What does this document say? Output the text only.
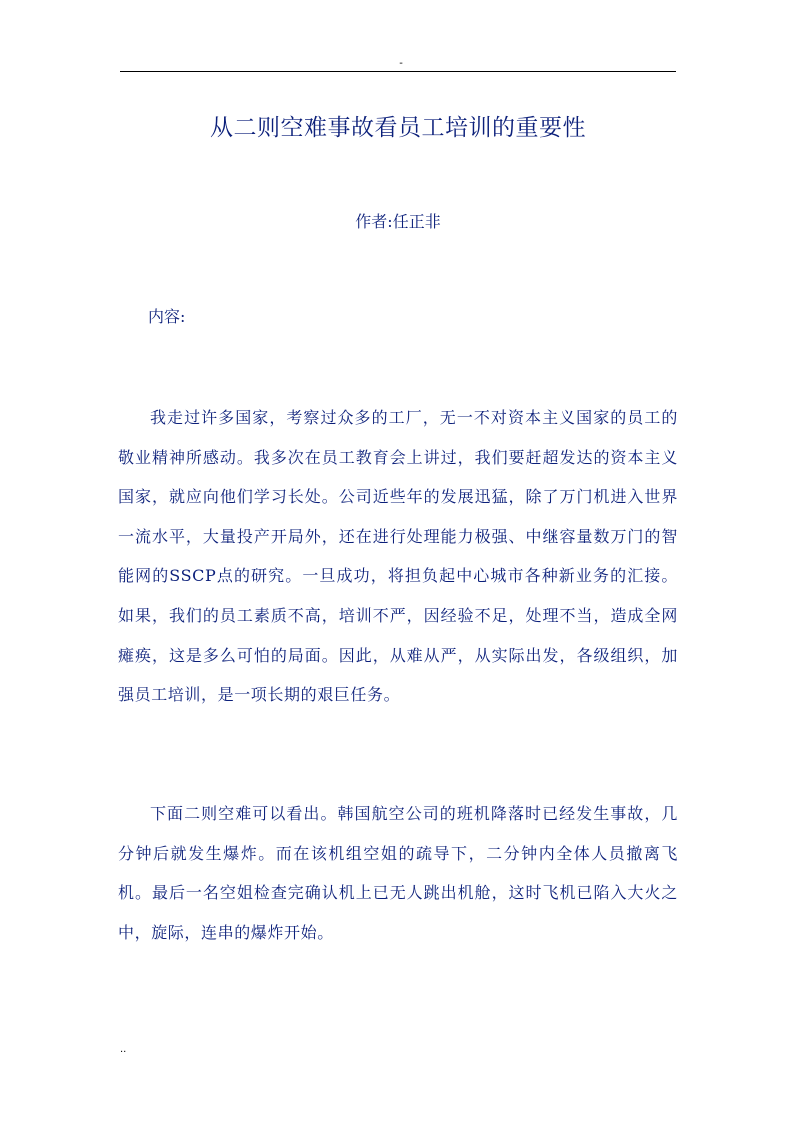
-
从二则空难事故看员工培训的重要性
作者:任正非
内容:

我走过许多国家，考察过众多的工厂，无一不对资本主义国家的员工的敬业精神所感动。我多次在员工教育会上讲过，我们要赶超发达的资本主义国家，就应向他们学习长处。公司近些年的发展迅猛，除了万门机进入世界一流水平，大量投产开局外，还在进行处理能力极强、中继容量数万门的智能网的SSCP点的研究。一旦成功，将担负起中心城市各种新业务的汇接。如果，我们的员工素质不高，培训不严，因经验不足，处理不当，造成全网瘫痪，这是多么可怕的局面。因此，从难从严，从实际出发，各级组织，加强员工培训，是一项长期的艰巨任务。

下面二则空难可以看出。韩国航空公司的班机降落时已经发生事故，几分钟后就发生爆炸。而在该机组空姐的疏导下，二分钟内全体人员撤离飞机。最后一名空姐检查完确认机上已无人跳出机舱，这时飞机已陷入大火之中，旋际，连串的爆炸开始。

..
